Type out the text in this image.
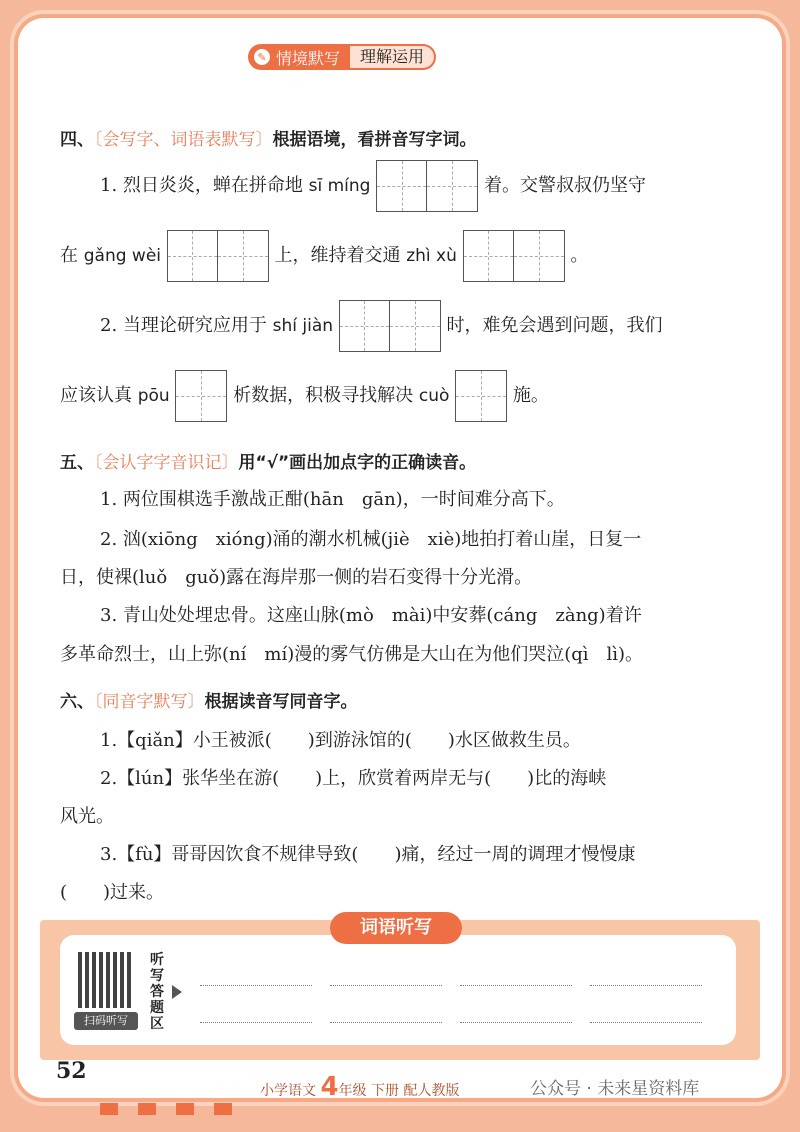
✎ 情境默写	理解运用
四、〔会写字、词语表默写〕根据语境，看拼音写字词。
1. 烈日炎炎，蝉在拼命地 sī míng	着。交警叔叔仍坚守
在 gǎng wèi	上，维持着交通 zhì xù	。
2. 当理论研究应用于 shí jiàn	时，难免会遇到问题，我们
应该认真 pōu	析数据，积极寻找解决 cuò	施。
五、〔会认字字音识记〕用“√”画出加点字的正确读音。
1. 两位围棋选手激战正酣(hān　gān)，一时间难分高下。
2. 汹(xiōng　xióng)涌的潮水机械(jiè　xiè)地拍打着山崖，日复一
日，使裸(luǒ　guǒ)露在海岸那一侧的岩石变得十分光滑。
3. 青山处处埋忠骨。这座山脉(mò　mài)中安葬(cáng　zàng)着许
多革命烈士，山上弥(ní　mí)漫的雾气仿佛是大山在为他们哭泣(qì　lì)。
六、〔同音字默写〕根据读音写同音字。
1.【qiǎn】小王被派(　　)到游泳馆的(　　)水区做救生员。
2.【lún】张华坐在游(　　)上，欣赏着两岸无与(　　)比的海峡
风光。
3.【fù】哥哥因饮食不规律导致(　　)痛，经过一周的调理才慢慢康
(　　)过来。
词语听写
扫码听写
听写答题区
52
小学语文 4年级 下册 配人教版	公众号 · 未来星资料库
